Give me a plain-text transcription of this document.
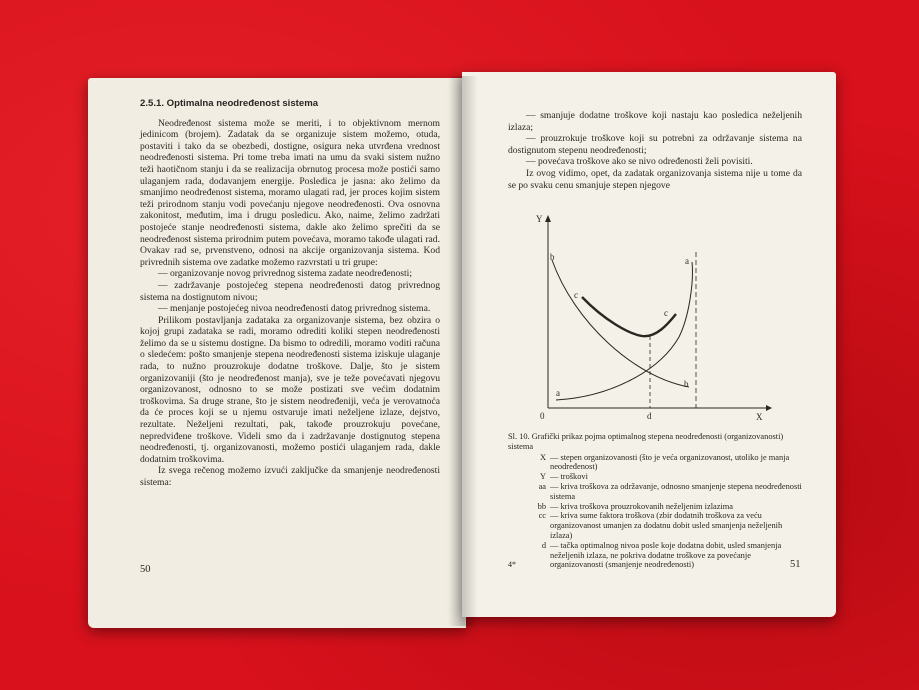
2.5.1. Optimalna neodređenost sistema

Neodređenost sistema može se meriti, i to objektivnom mernom jedinicom (brojem). Zadatak da se organizuje sistem možemo, otuda, postaviti i tako da se obezbedi, dostigne, osigura neka utvrđena vrednost neodređenosti sistema. Pri tome treba imati na umu da svaki sistem nužno teži haotičnom stanju i da se realizacija obrnutog procesa može postići samo ulaganjem rada, dodavanjem energije. Posledica je jasna: ako želimo da smanjimo neodređenost sistema, moramo ulagati rad, jer proces kojim sistem teži prirodnom stanju vodi povećanju njegove neodređenosti. Ova osnovna zakonitost, međutim, ima i drugu posledicu. Ako, naime, želimo zadržati postojeće stanje neodređenosti sistema, dakle ako želimo sprečiti da se neodređenost sistema prirodnim putem povećava, moramo takođe ulagati rad. Ovakav rad se, prvenstveno, odnosi na akcije organizovanja sistema. Kod privrednih sistema ove zadatke možemo razvrstati u tri grupe:

— organizovanje novog privrednog sistema zadate neodređenosti;

— zadržavanje postojećeg stepena neodređenosti datog privrednog sistema na dostignutom nivou;

— menjanje postojećeg nivoa neodređenosti datog privrednog sistema.

Prilikom postavljanja zadataka za organizovanje sistema, bez obzira o kojoj grupi zadataka se radi, moramo odrediti koliki stepen neodređenosti želimo da se u sistemu dostigne. Da bismo to odredili, moramo voditi računa o sledećem: pošto smanjenje stepena neodređenosti sistema iziskuje ulaganje rada, to nužno prouzrokuje dodatne troškove. Dalje, što je sistem organizovaniji (što je neodređenost manja), sve je teže povećavati njegovu organizovanost, odnosno to se može postizati sve većim dodatnim troškovima. Sa druge strane, što je sistem neodređeniji, veća je verovatnoća da će proces koji se u njemu ostvaruje imati neželjene izlaze, dejstvo, rezultate. Neželjeni rezultati, pak, takođe prouzrokuju povećane, nepredviđene troškove. Videli smo da i zadržavanje dostignutog stepena neodređenosti, tj. organizovanosti, možemo postići ulaganjem rada, dakle dodatnim troškovima.

Iz svega rečenog možemo izvući zaključke da smanjenje neodređenosti sistema:

50

— smanjuje dodatne troškove koji nastaju kao posledica neželjenih izlaza;

— prouzrokuje troškove koji su potrebni za održavanje sistema na dostignutom stepenu neodređenosti;

— povećava troškove ako se nivo određenosti želi povisiti.

Iz ovog vidimo, opet, da zadatak organizovanja sistema nije u tome da se po svaku cenu smanjuje stepen njegove

Y
X
0	d
a
a
b
b
c
c

Sl. 10. Grafički prikaz pojma optimalnog stepena neodređenosti (organizovanosti) sistema

X — stepen organizovanosti (što je veća organizovanost, utoliko je manja neodređenost)
Y — troškovi
aa — kriva troškova za održavanje, odnosno smanjenje stepena neodređenosti sistema
bb — kriva troškova prouzrokovanih neželjenim izlazima
cc — kriva sume faktora troškova (zbir dodatnih troškova za veću organizovanost umanjen za dodatnu dobit usled smanjenja neželjenih izlaza)
d — tačka optimalnog nivoa posle koje dodatna dobit, usled smanjenja neželjenih izlaza, ne pokriva dodatne troškove za povećanje organizovanosti (smanjenje neodređenosti)
4*	51
